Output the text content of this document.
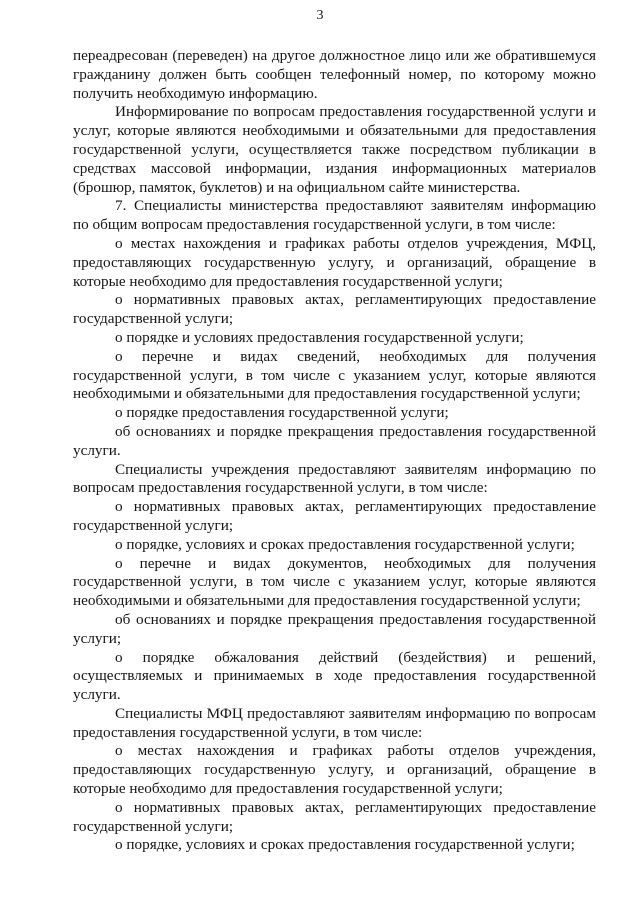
3

переадресован (переведен) на другое должностное лицо или же обратившемуся гражданину должен быть сообщен телефонный номер, по которому можно получить необходимую информацию.

Информирование по вопросам предоставления государственной услуги и услуг, которые являются необходимыми и обязательными для предоставления государственной услуги, осуществляется также посредством публикации в средствах массовой информации, издания информационных материалов (брошюр, памяток, буклетов) и на официальном сайте министерства.

7. Специалисты министерства предоставляют заявителям информацию по общим вопросам предоставления государственной услуги, в том числе:

о местах нахождения и графиках работы отделов учреждения, МФЦ, предоставляющих государственную услугу, и организаций, обращение в которые необходимо для предоставления государственной услуги;

о нормативных правовых актах, регламентирующих предоставление государственной услуги;

о порядке и условиях предоставления государственной услуги;

о перечне и видах сведений, необходимых для получения государственной услуги, в том числе с указанием услуг, которые являются необходимыми и обязательными для предоставления государственной услуги;

о порядке предоставления государственной услуги;

об основаниях и порядке прекращения предоставления государственной услуги.

Специалисты учреждения предоставляют заявителям информацию по вопросам предоставления государственной услуги, в том числе:

о нормативных правовых актах, регламентирующих предоставление государственной услуги;

о порядке, условиях и сроках предоставления государственной услуги;

о перечне и видах документов, необходимых для получения государственной услуги, в том числе с указанием услуг, которые являются необходимыми и обязательными для предоставления государственной услуги;

об основаниях и порядке прекращения предоставления государственной услуги;

о порядке обжалования действий (бездействия) и решений, осуществляемых и принимаемых в ходе предоставления государственной услуги.

Специалисты МФЦ предоставляют заявителям информацию по вопросам предоставления государственной услуги, в том числе:

о местах нахождения и графиках работы отделов учреждения, предоставляющих государственную услугу, и организаций, обращение в которые необходимо для предоставления государственной услуги;

о нормативных правовых актах, регламентирующих предоставление государственной услуги;

о порядке, условиях и сроках предоставления государственной услуги;
